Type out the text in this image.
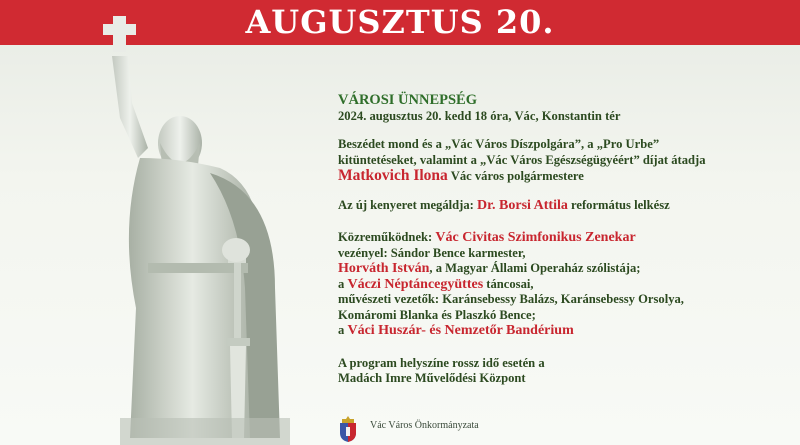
AUGUSZTUS 20.
VÁROSI ÜNNEPSÉG
2024. augusztus 20. kedd 18 óra, Vác, Konstantin tér
Beszédet mond és a „Vác Város Díszpolgára”, a „Pro Urbe”
kitüntetéseket, valamint a „Vác Város Egészségügyéért” díjat átadja
Matkovich Ilona Vác város polgármestere
Az új kenyeret megáldja: Dr. Borsi Attila református lelkész
Közreműködnek: Vác Civitas Szimfonikus Zenekar
vezényel: Sándor Bence karmester,
Horváth István, a Magyar Állami Operaház szólistája;
a Váczi Néptáncegyüttes táncosai,
művészeti vezetők: Karánsebessy Balázs, Karánsebessy Orsolya,
Komáromi Blanka és Plaszkó Bence;
a Váci Huszár- és Nemzetőr Bandérium
A program helyszíne rossz idő esetén a
Madách Imre Művelődési Központ
Vác Város Önkormányzata
